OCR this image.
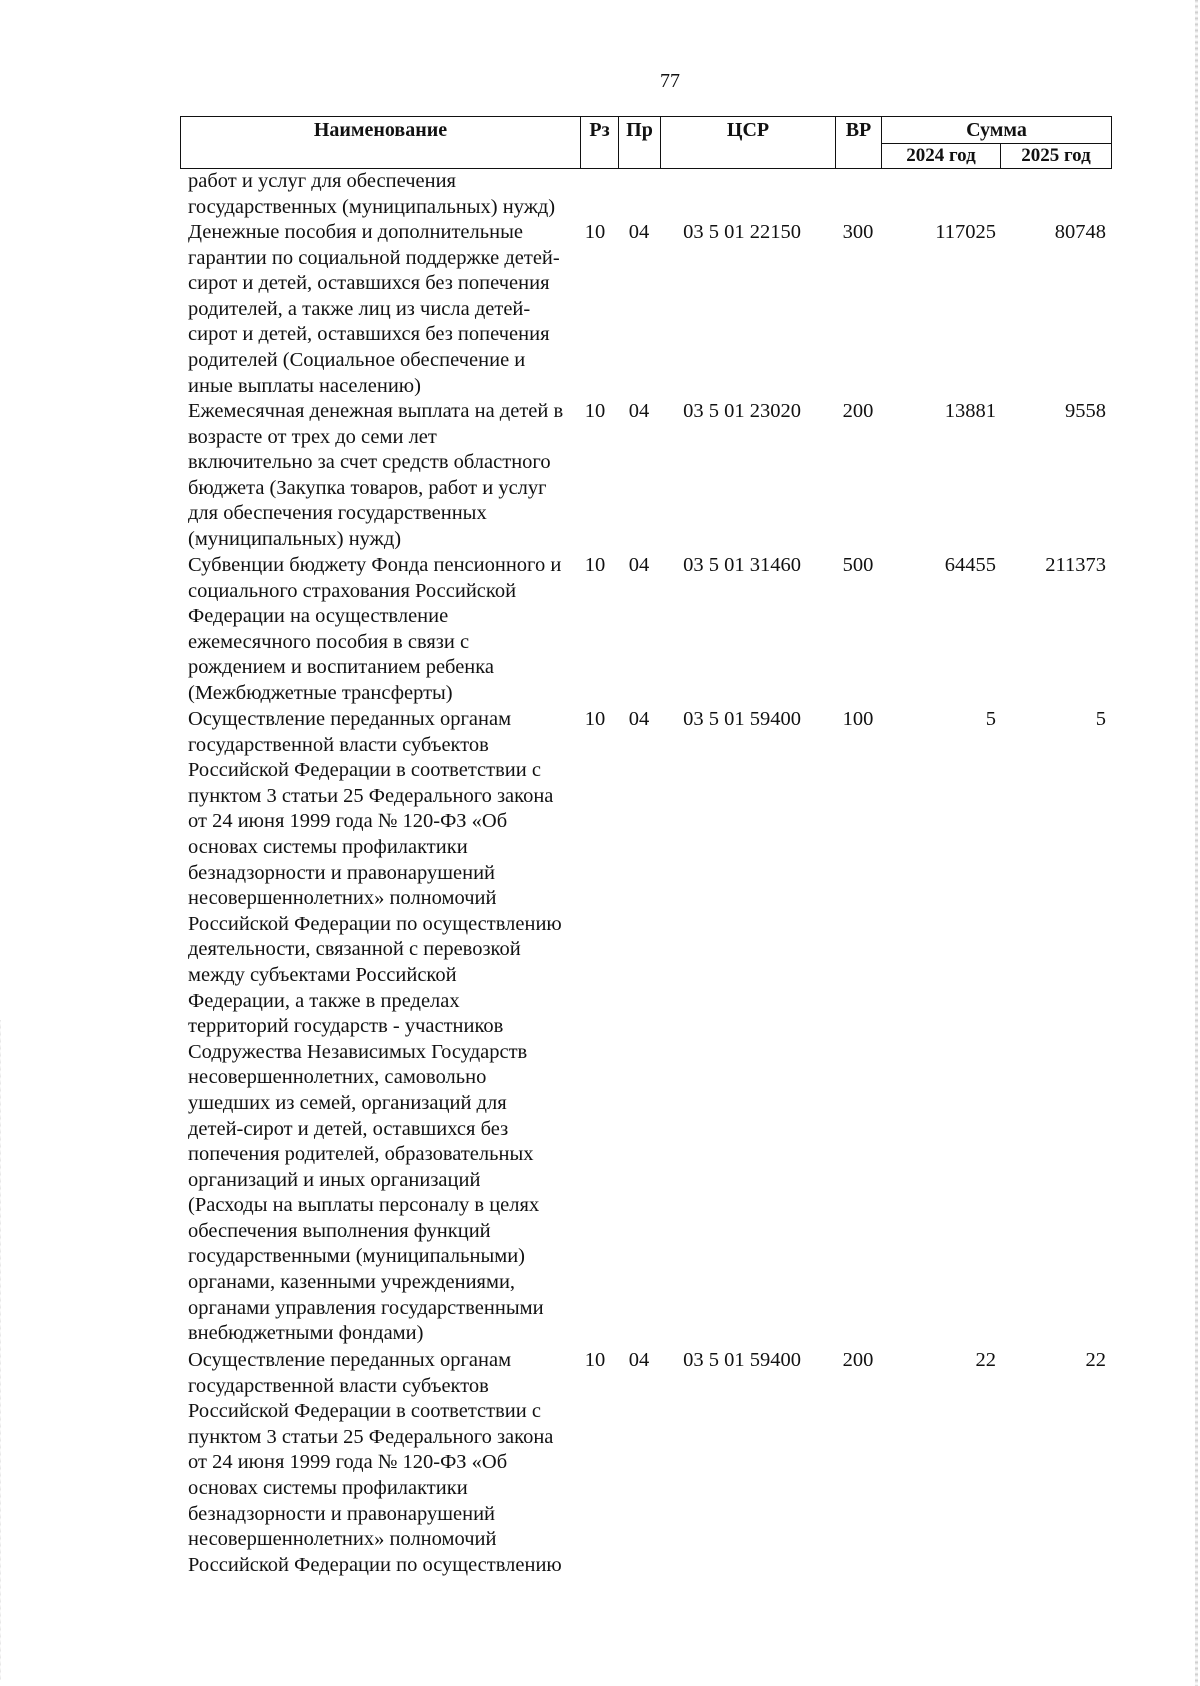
77
Наименование	Рз	Пр	ЦСР	ВР	Сумма	
					2024 год	2025 год
работ и услуг для обеспечения
государственных (муниципальных) нужд)
Денежные пособия и дополнительные
гарантии по социальной поддержке детей-
сирот и детей, оставшихся без попечения
родителей, а также лиц из числа детей-
сирот и детей, оставшихся без попечения
родителей (Социальное обеспечение и
иные выплаты населению)
10	04	03 5 01 22150	300	117025	80748
Ежемесячная денежная выплата на детей в
возрасте от трех до семи лет
включительно за счет средств областного
бюджета (Закупка товаров, работ и услуг
для обеспечения государственных
(муниципальных) нужд)
10	04	03 5 01 23020	200	13881	9558
Субвенции бюджету Фонда пенсионного и
социального страхования Российской
Федерации на осуществление
ежемесячного пособия в связи с
рождением и воспитанием ребенка
(Межбюджетные трансферты)
10	04	03 5 01 31460	500	64455	211373
Осуществление переданных органам
государственной власти субъектов
Российской Федерации в соответствии с
пунктом 3 статьи 25 Федерального закона
от 24 июня 1999 года № 120-ФЗ «Об
основах системы профилактики
безнадзорности и правонарушений
несовершеннолетних» полномочий
Российской Федерации по осуществлению
деятельности, связанной с перевозкой
между субъектами Российской
Федерации, а также в пределах
территорий государств - участников
Содружества Независимых Государств
несовершеннолетних, самовольно
ушедших из семей, организаций для
детей-сирот и детей, оставшихся без
попечения родителей, образовательных
организаций и иных организаций
(Расходы на выплаты персоналу в целях
обеспечения выполнения функций
государственными (муниципальными)
органами, казенными учреждениями,
органами управления государственными
внебюджетными фондами)
10	04	03 5 01 59400	100	5	5
Осуществление переданных органам
государственной власти субъектов
Российской Федерации в соответствии с
пунктом 3 статьи 25 Федерального закона
от 24 июня 1999 года № 120-ФЗ «Об
основах системы профилактики
безнадзорности и правонарушений
несовершеннолетних» полномочий
Российской Федерации по осуществлению
10	04	03 5 01 59400	200	22	22
